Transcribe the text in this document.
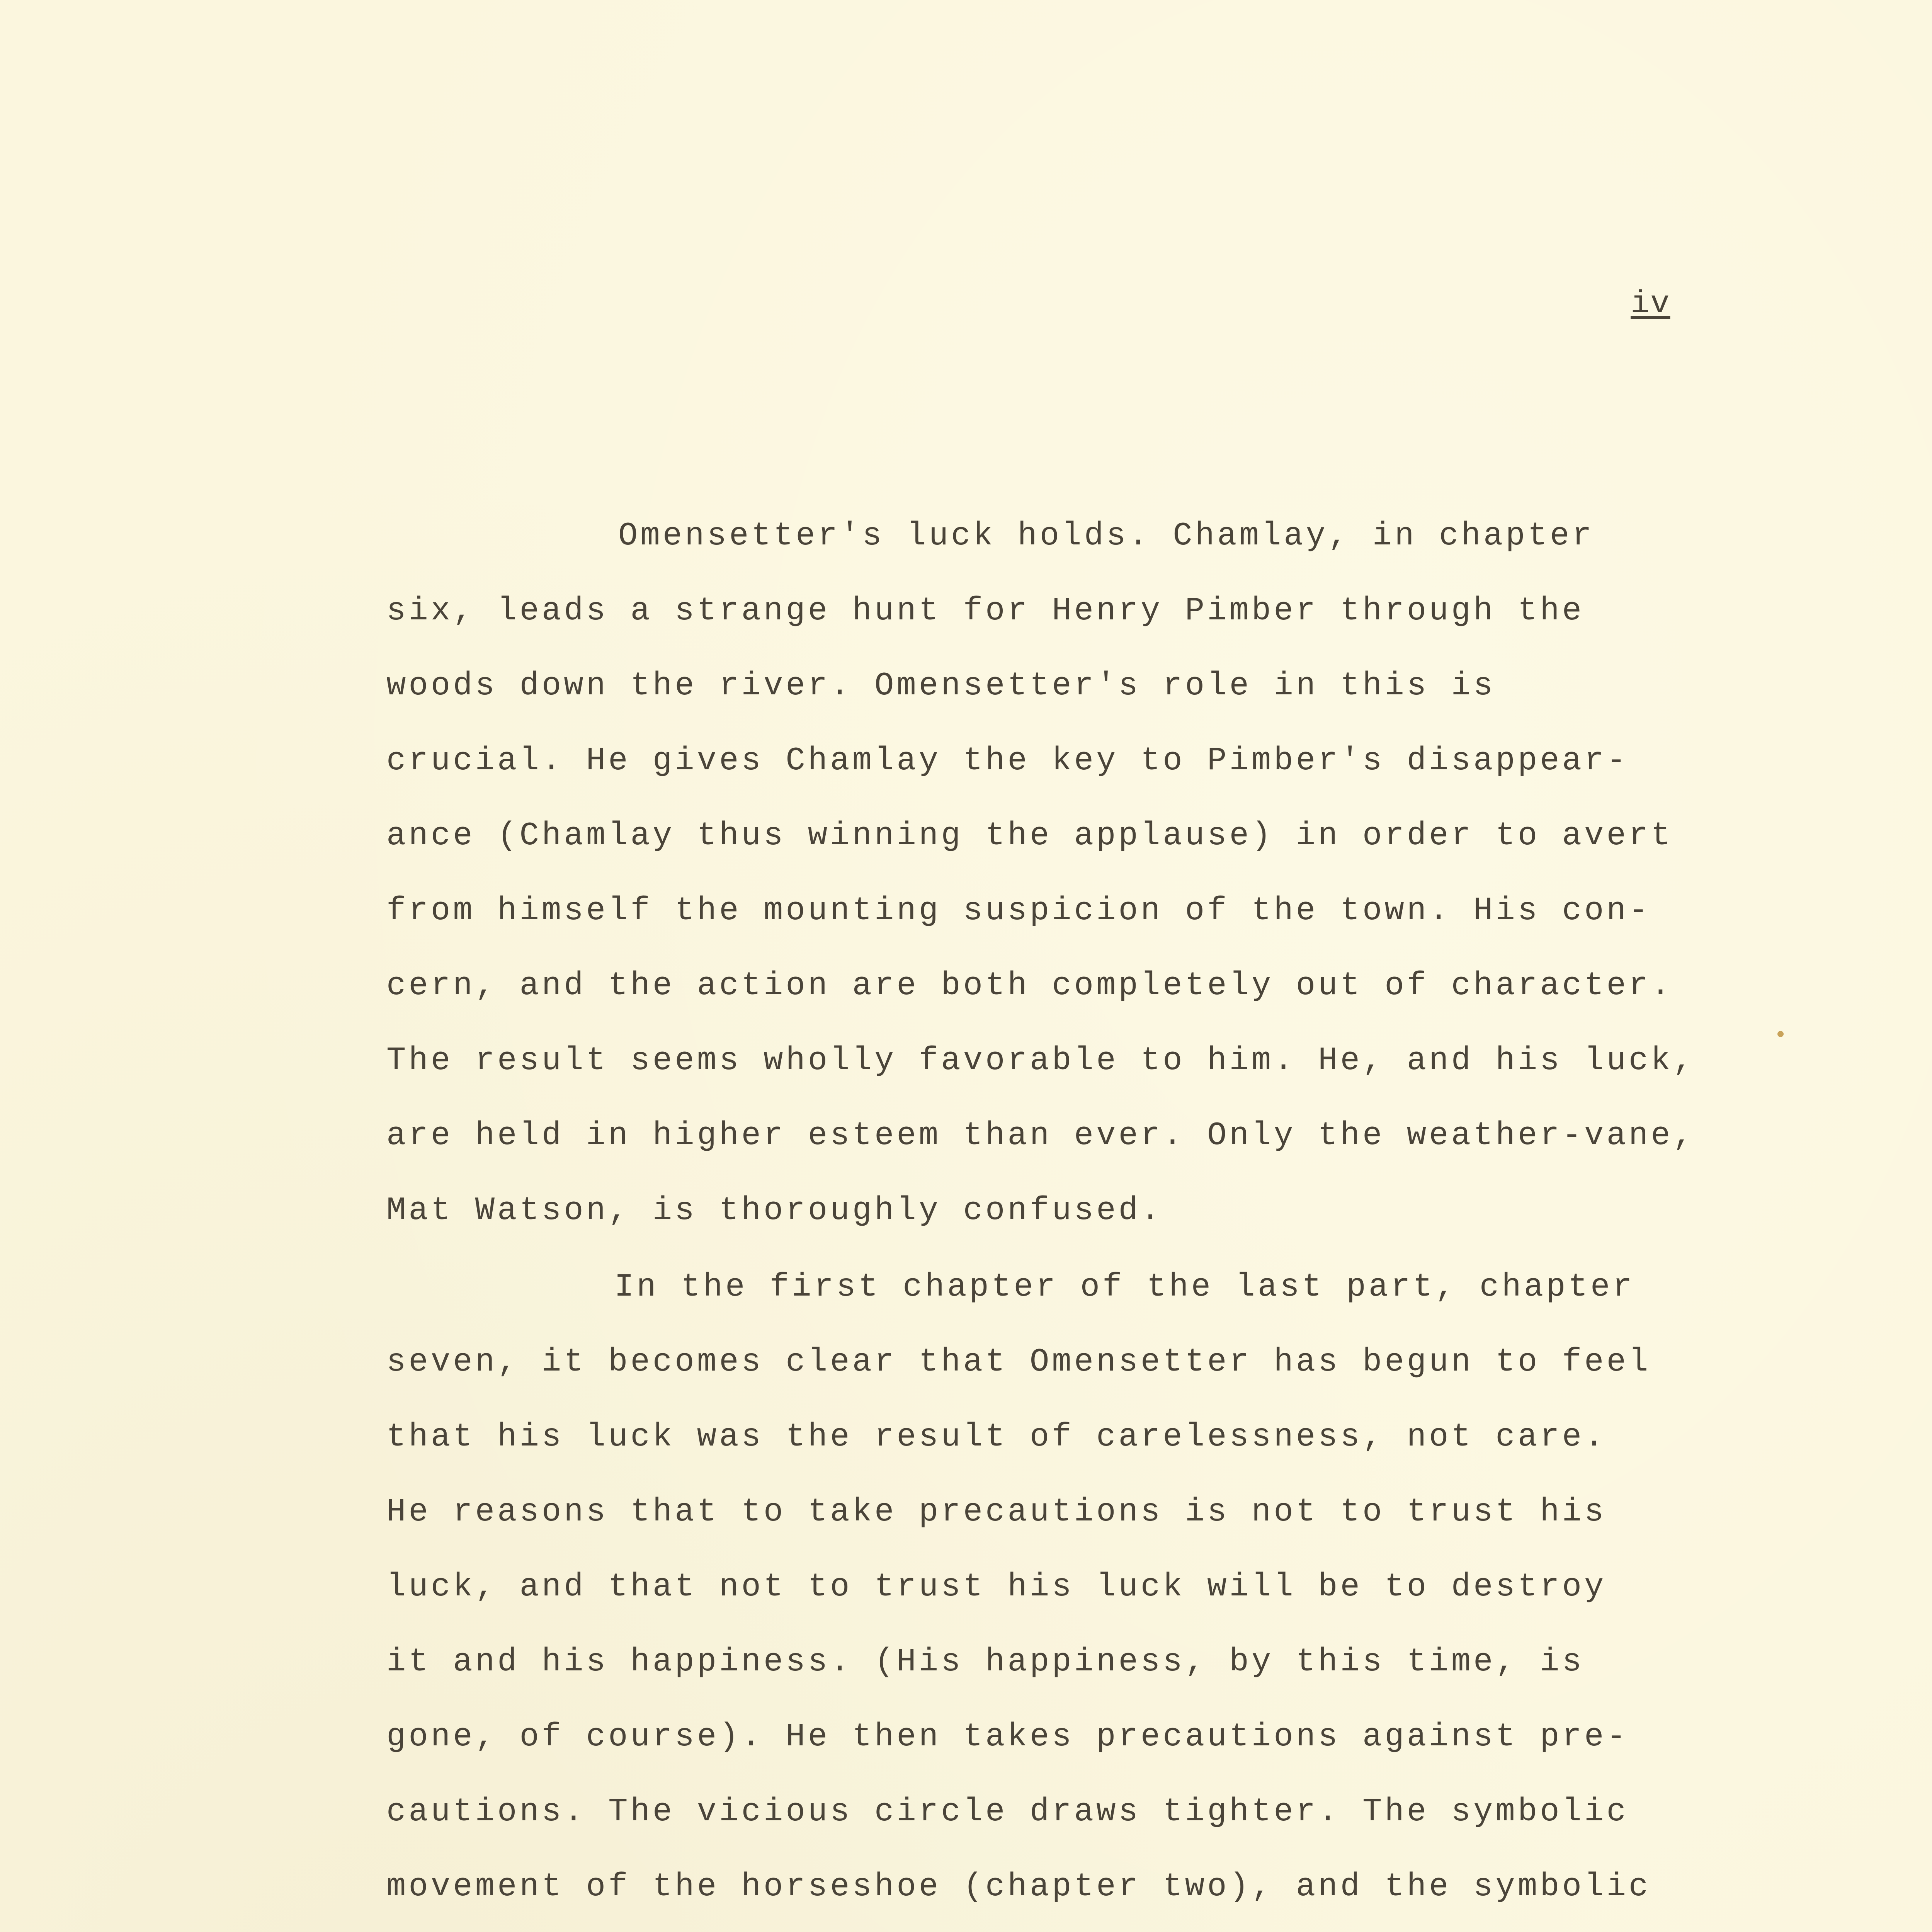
iv
Omensetter's luck holds. Chamlay, in chapter
six, leads a strange hunt for Henry Pimber through the
woods down the river. Omensetter's role in this is
crucial. He gives Chamlay the key to Pimber's disappear-
ance (Chamlay thus winning the applause) in order to avert
from himself the mounting suspicion of the town. His con-
cern, and the action are both completely out of character.
The result seems wholly favorable to him. He, and his luck,
are held in higher esteem than ever. Only the weather-vane,
Mat Watson, is thoroughly confused.
In the first chapter of the last part, chapter
seven, it becomes clear that Omensetter has begun to feel
that his luck was the result of carelessness, not care.
He reasons that to take precautions is not to trust his
luck, and that not to trust his luck will be to destroy
it and his happiness. (His happiness, by this time, is
gone, of course). He then takes precautions against pre-
cautions. The vicious circle draws tighter. The symbolic
movement of the horseshoe (chapter two), and the symbolic
